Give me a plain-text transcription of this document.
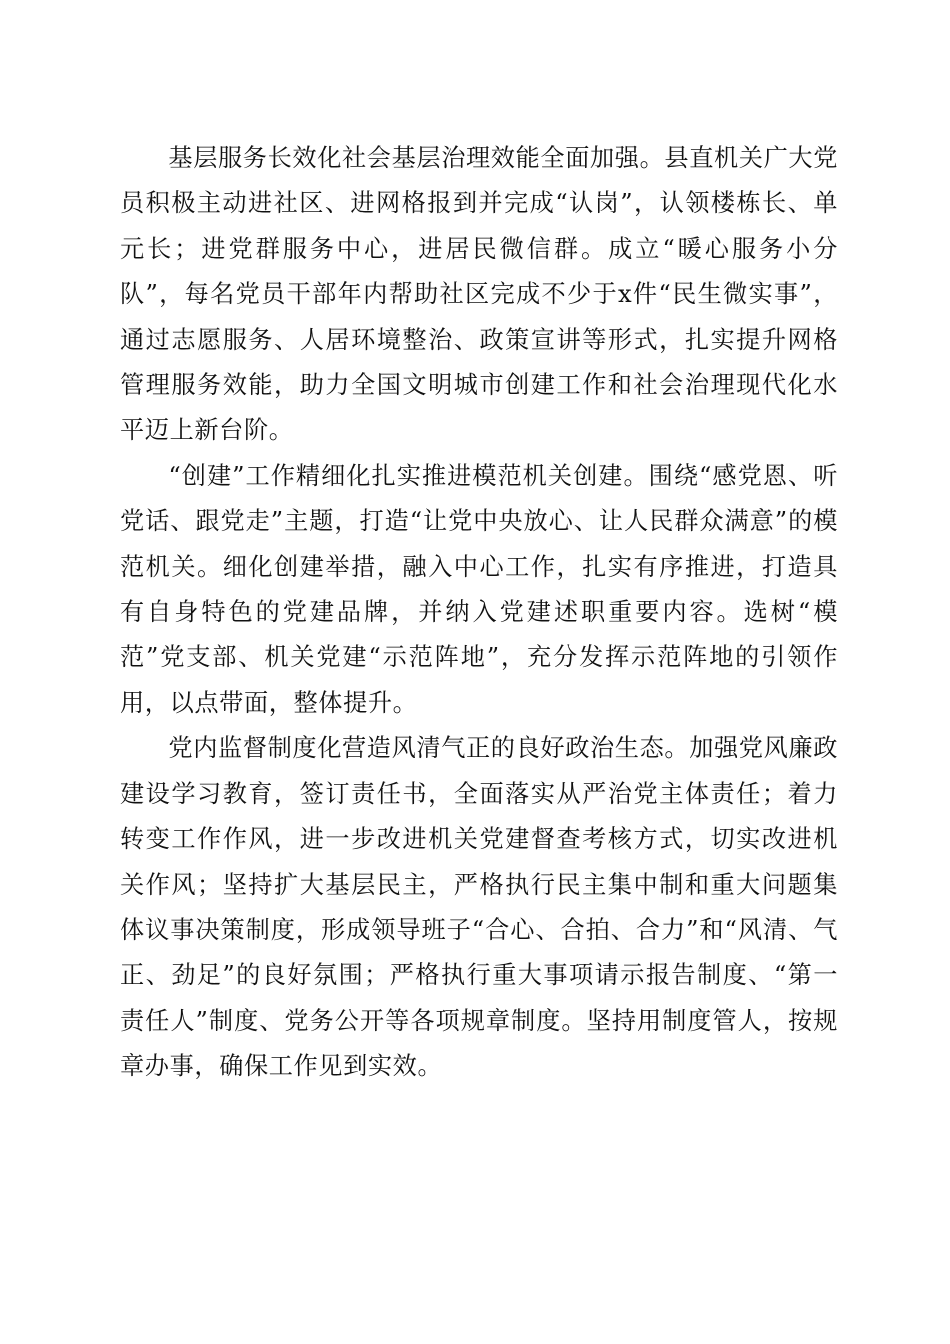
基层服务长效化社会基层治理效能全面加强。县直机关广大党员积极主动进社区、进网格报到并完成“认岗”，认领楼栋长、单元长；进党群服务中心，进居民微信群。成立“暖心服务小分队”，每名党员干部年内帮助社区完成不少于x件“民生微实事”，通过志愿服务、人居环境整治、政策宣讲等形式，扎实提升网格管理服务效能，助力全国文明城市创建工作和社会治理现代化水平迈上新台阶。

“创建”工作精细化扎实推进模范机关创建。围绕“感党恩、听党话、跟党走”主题，打造“让党中央放心、让人民群众满意”的模范机关。细化创建举措，融入中心工作，扎实有序推进，打造具有自身特色的党建品牌，并纳入党建述职重要内容。选树“模范”党支部、机关党建“示范阵地”，充分发挥示范阵地的引领作用，以点带面，整体提升。

党内监督制度化营造风清气正的良好政治生态。加强党风廉政建设学习教育，签订责任书，全面落实从严治党主体责任；着力转变工作作风，进一步改进机关党建督查考核方式，切实改进机关作风；坚持扩大基层民主，严格执行民主集中制和重大问题集体议事决策制度，形成领导班子“合心、合拍、合力”和“风清、气正、劲足”的良好氛围；严格执行重大事项请示报告制度、“第一责任人”制度、党务公开等各项规章制度。坚持用制度管人，按规章办事，确保工作见到实效。
